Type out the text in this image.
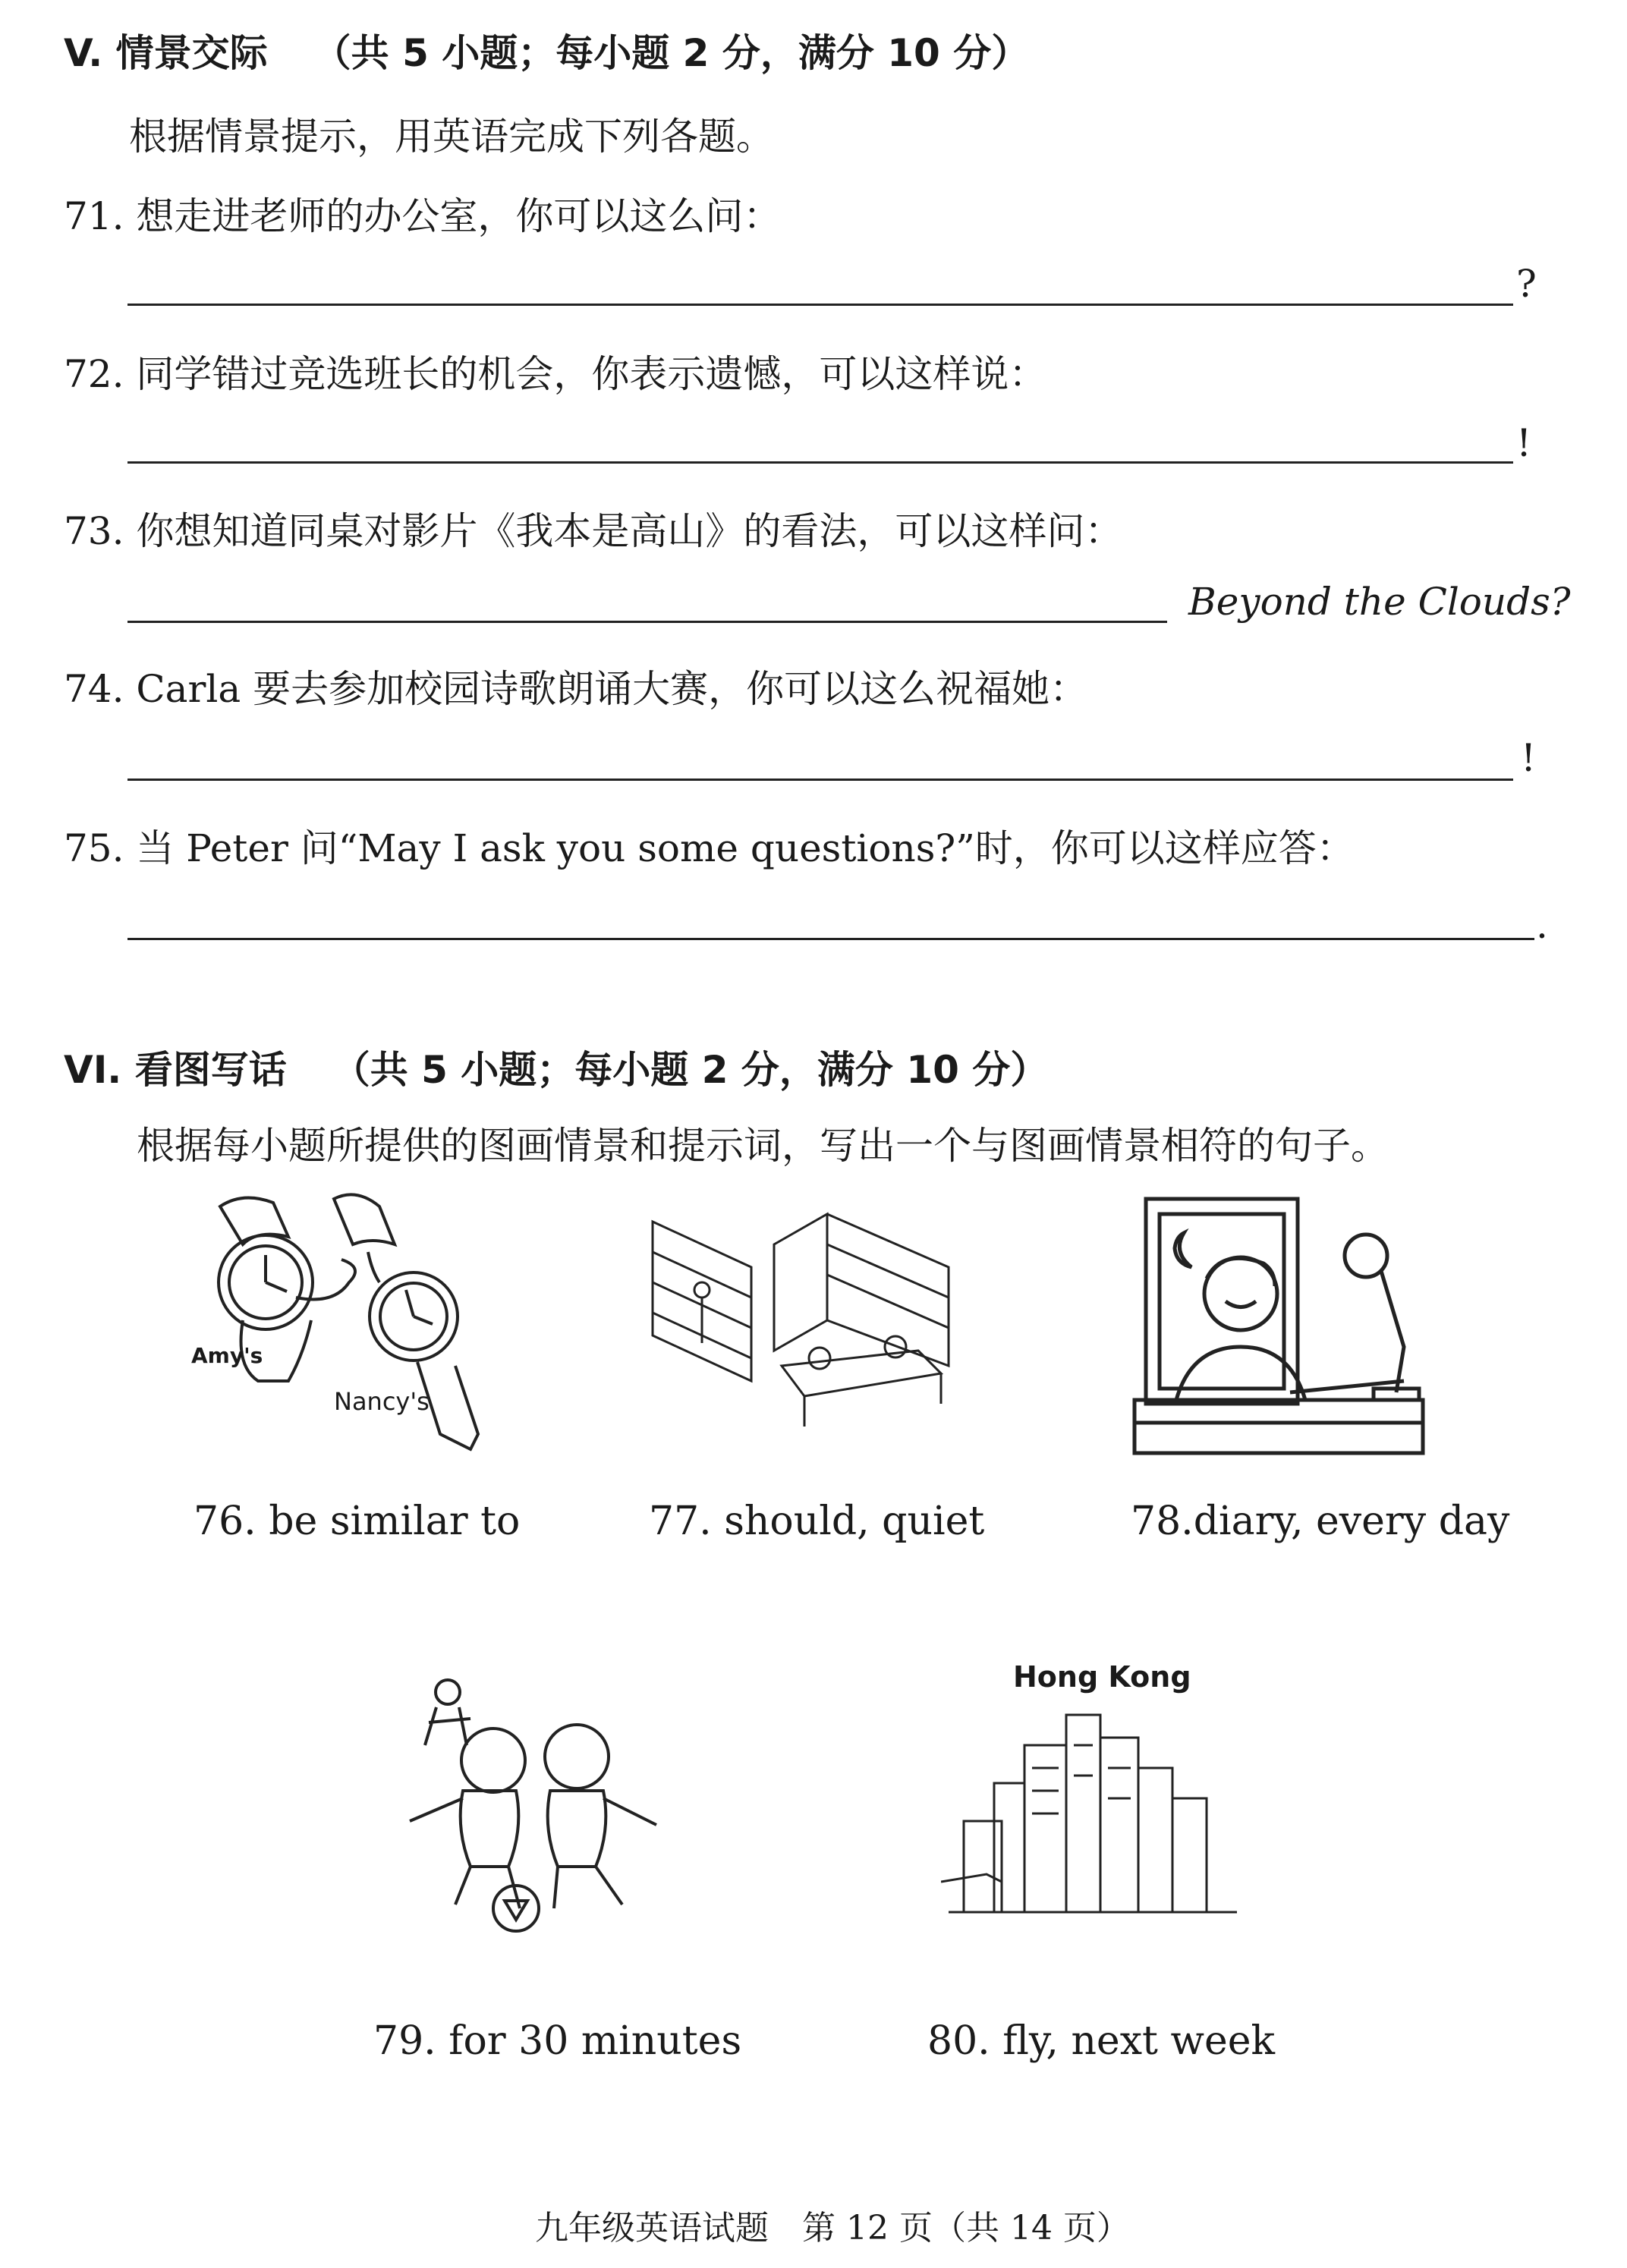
V. 情景交际 （共 5 小题；每小题 2 分，满分 10 分）
根据情景提示，用英语完成下列各题。
71. 想走进老师的办公室，你可以这么问：
?
72. 同学错过竞选班长的机会，你表示遗憾，可以这样说：
!
73. 你想知道同桌对影片《我本是高山》的看法，可以这样问：
Beyond the Clouds?
74. Carla 要去参加校园诗歌朗诵大赛，你可以这么祝福她：
!
75. 当 Peter 问“May I ask you some questions?”时，你可以这样应答：
.
VI. 看图写话 （共 5 小题；每小题 2 分，满分 10 分）
根据每小题所提供的图画情景和提示词，写出一个与图画情景相符的句子。
Amy's
Nancy's
76. be similar to	77. should, quiet	78.diary, every day
79. for 30 minutes
Hong Kong
80. fly, next week
九年级英语试题　第 12 页（共 14 页）
